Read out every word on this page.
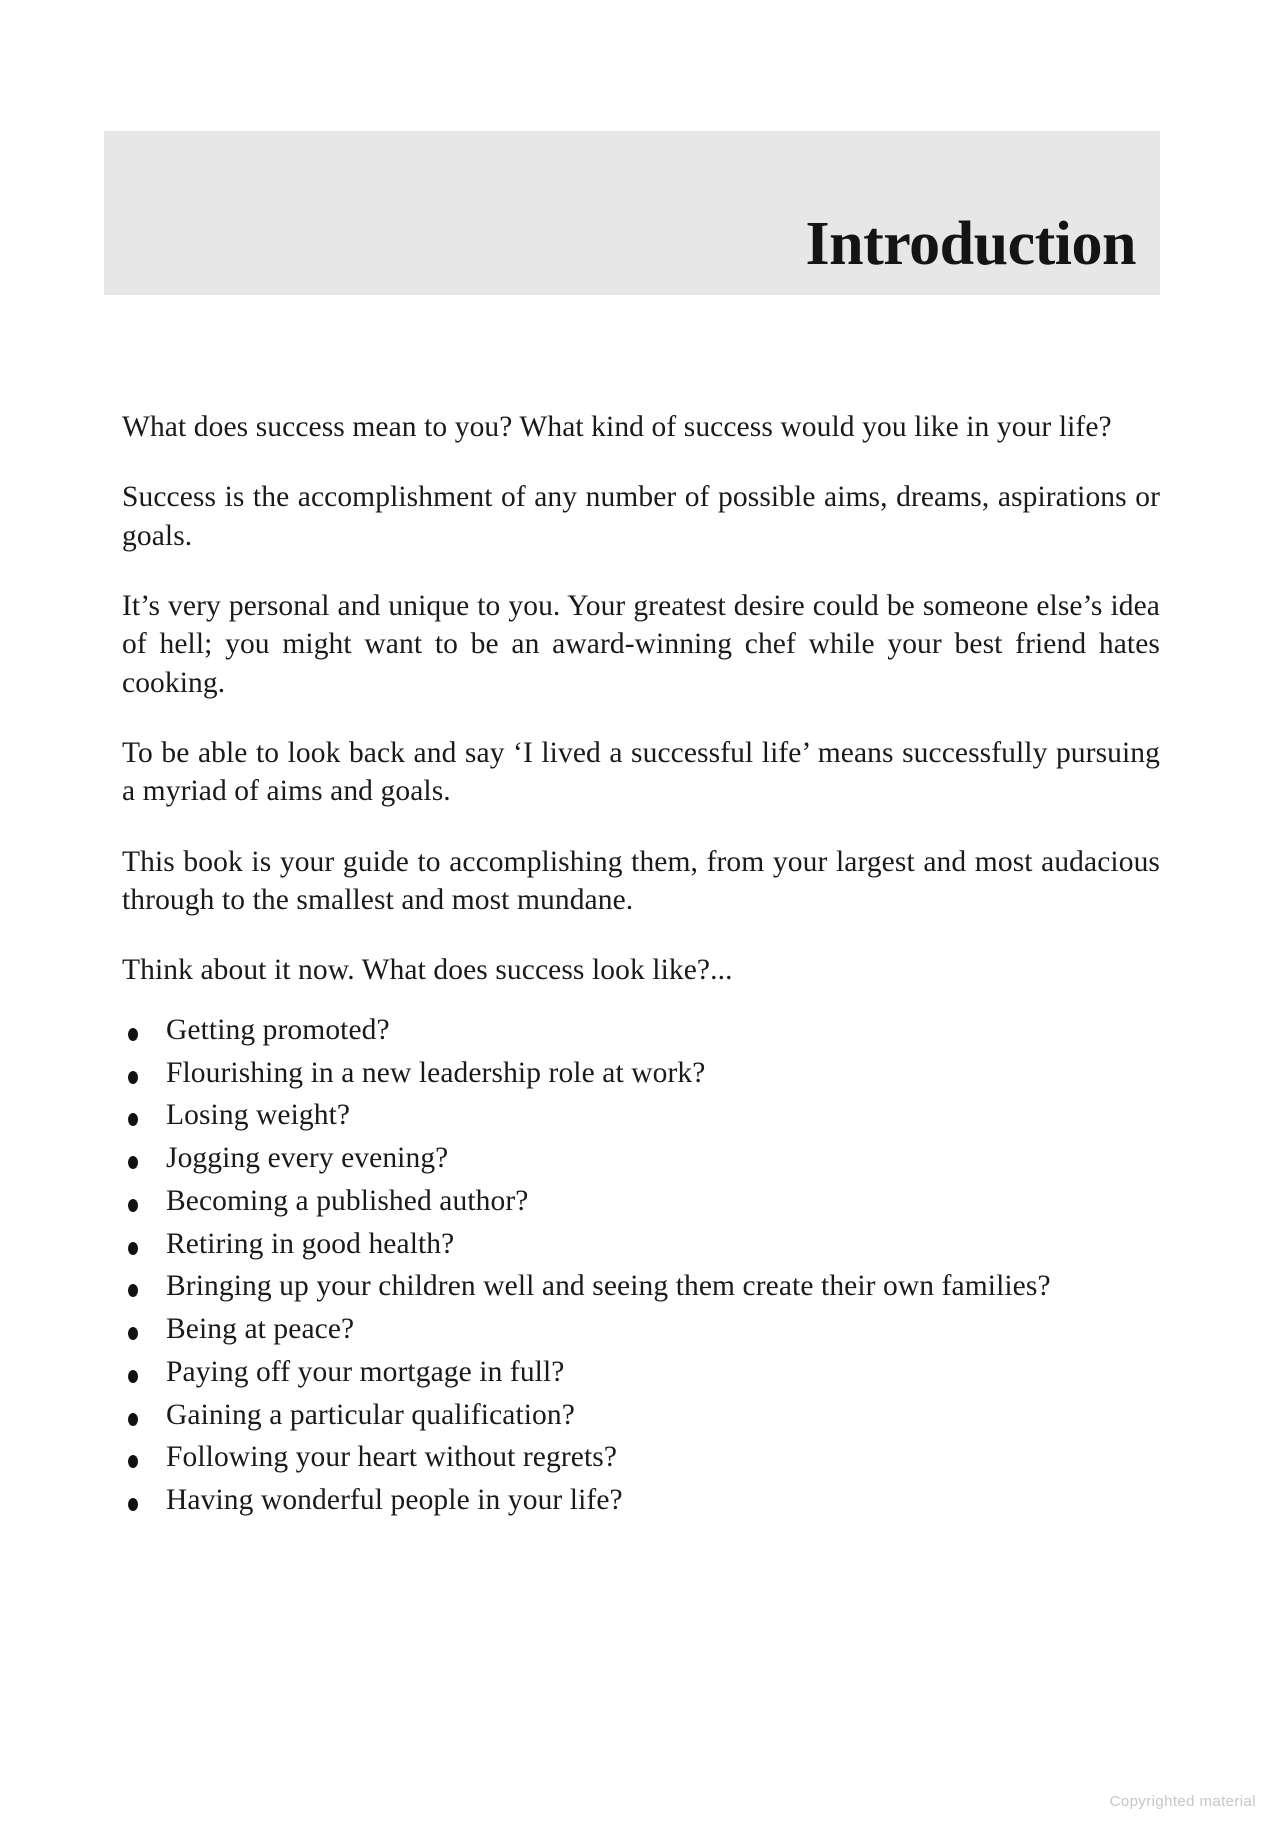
Introduction

What does success mean to you? What kind of success would you like in your life?

Success is the accomplishment of any number of possible aims, dreams, aspirations or goals.

It’s very personal and unique to you. Your greatest desire could be someone else’s idea of hell; you might want to be an award-winning chef while your best friend hates cooking.

To be able to look back and say ‘I lived a successful life’ means successfully pursuing a myriad of aims and goals.

This book is your guide to accomplishing them, from your largest and most audacious through to the smallest and most mundane.

Think about it now. What does success look like?...

Getting promoted?
Flourishing in a new leadership role at work?
Losing weight?
Jogging every evening?
Becoming a published author?
Retiring in good health?
Bringing up your children well and seeing them create their own families?
Being at peace?
Paying off your mortgage in full?
Gaining a particular qualification?
Following your heart without regrets?
Having wonderful people in your life?
Copyrighted material
